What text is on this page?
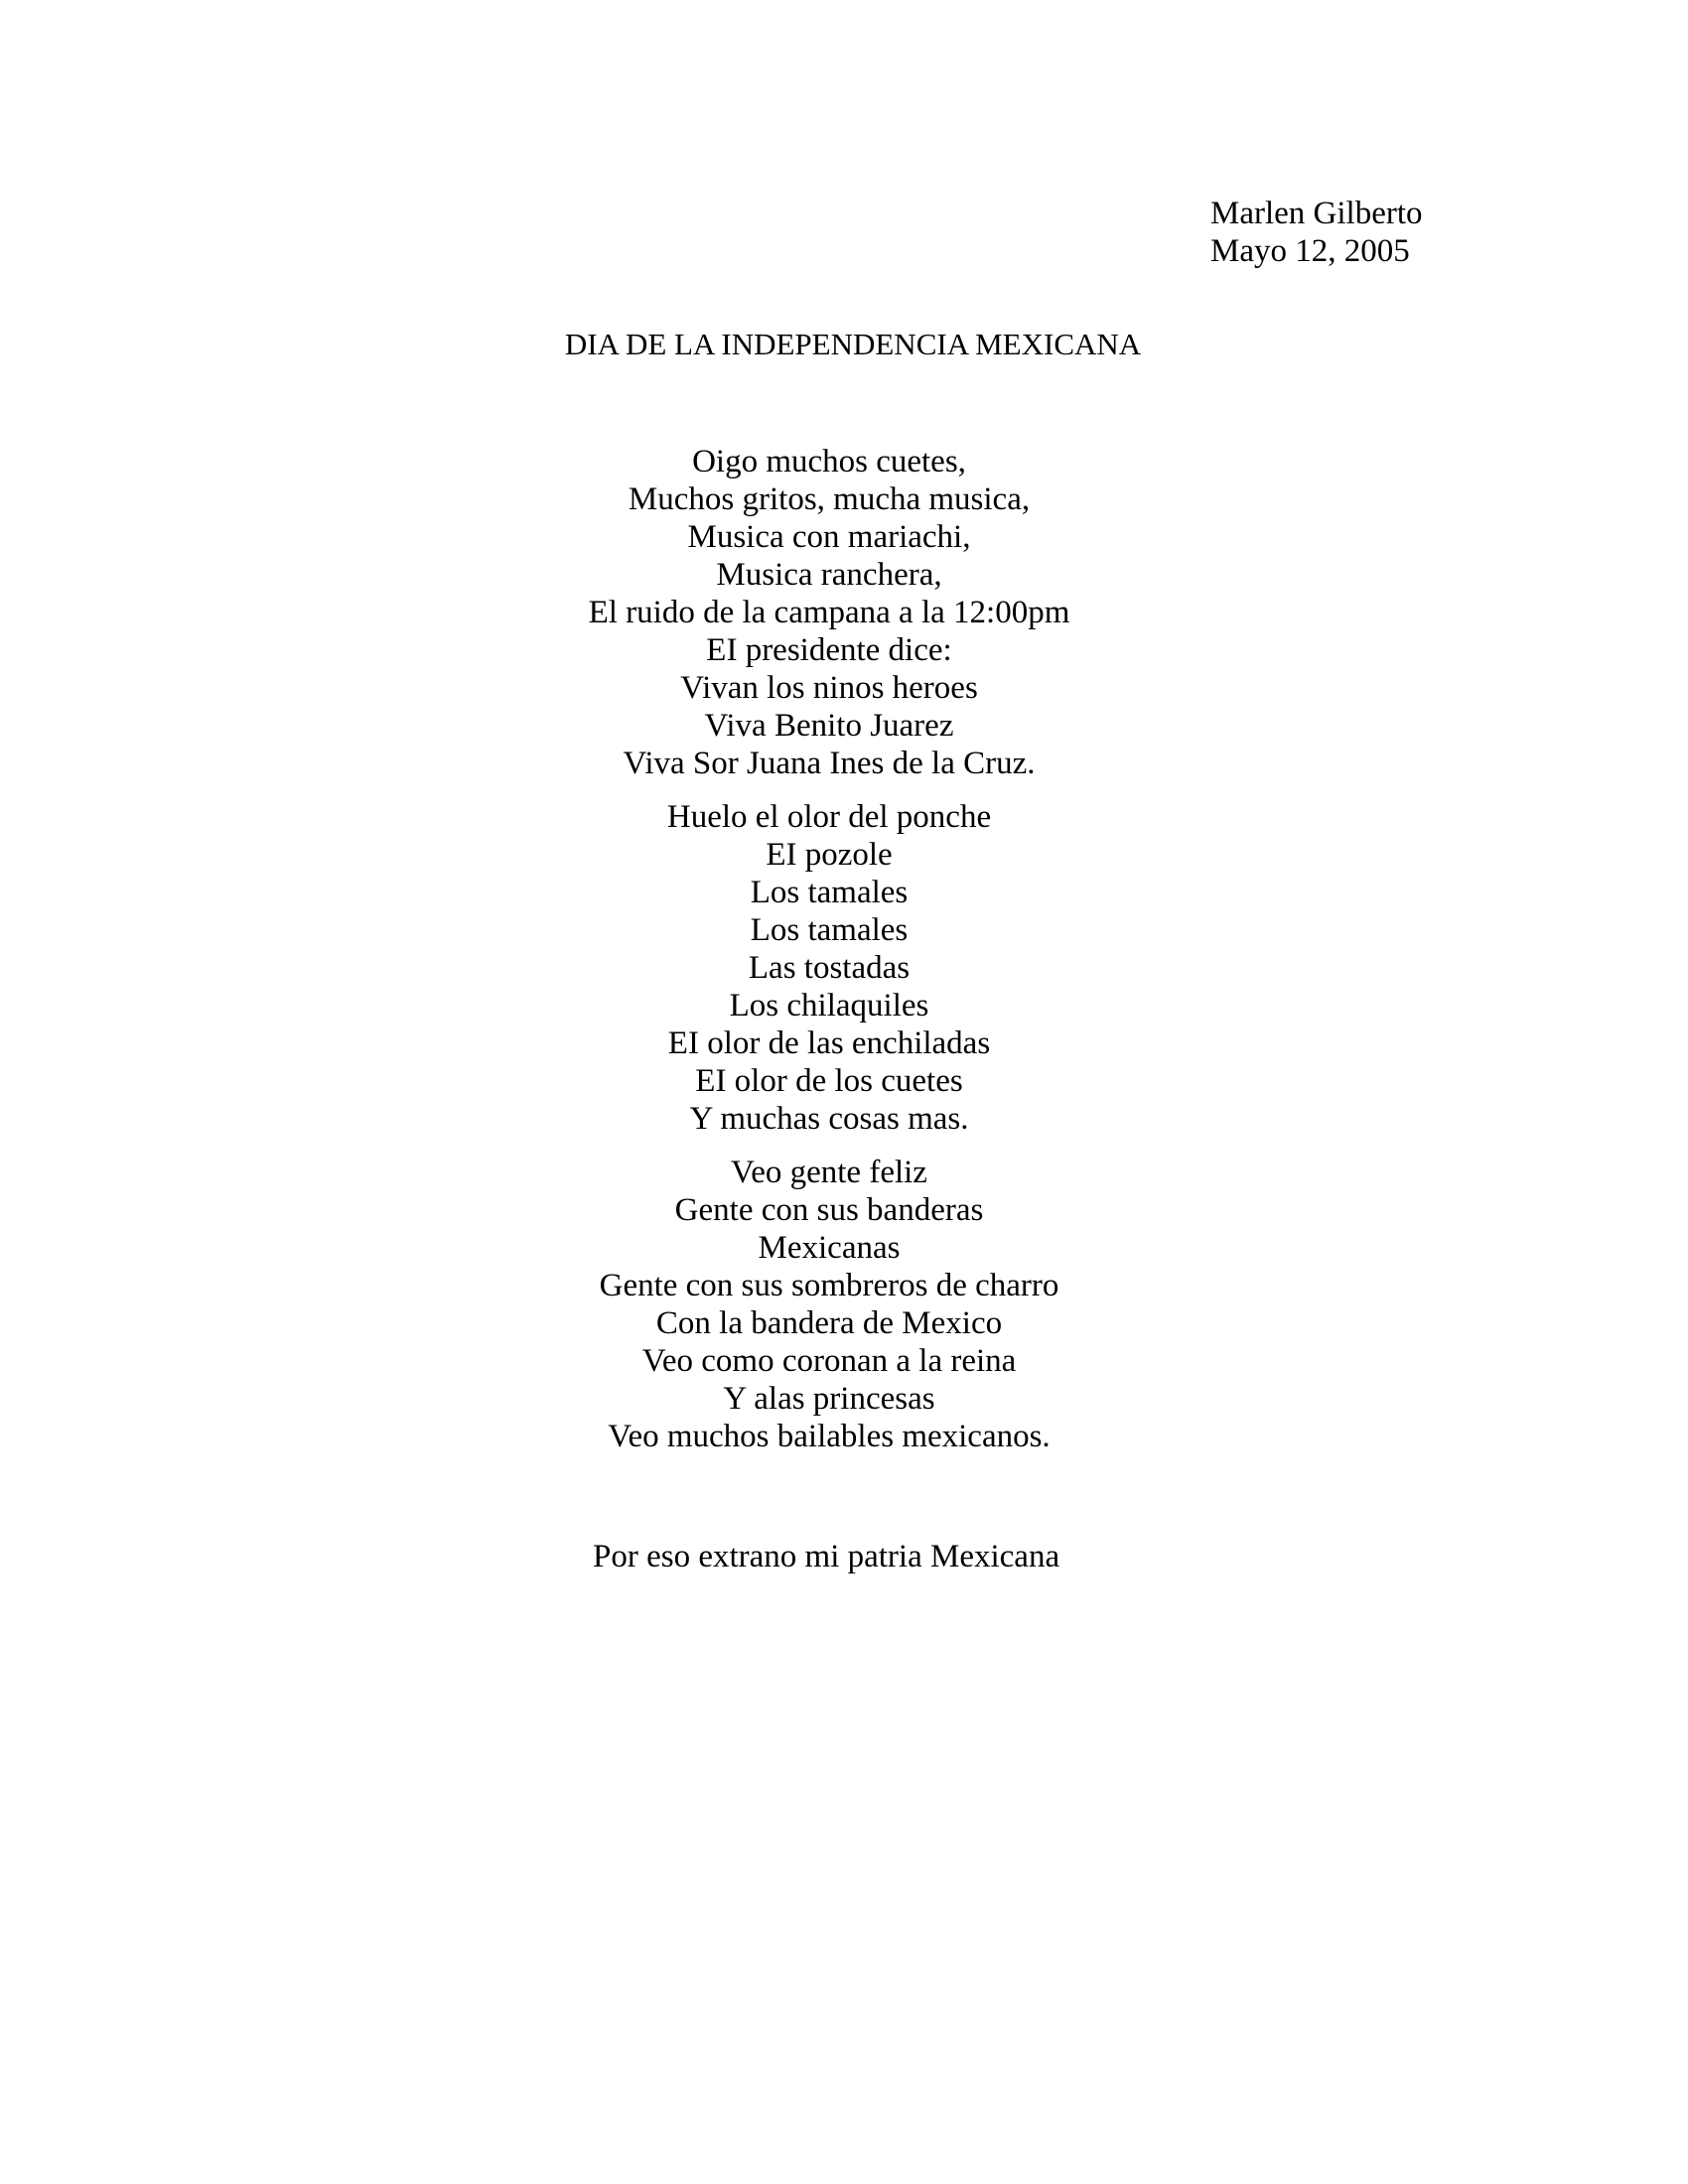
Marlen Gilberto
Mayo 12, 2005
DIA DE LA INDEPENDENCIA MEXICANA
Oigo muchos cuetes,
Muchos gritos, mucha musica,
Musica con mariachi,
Musica ranchera,
El ruido de la campana a la 12:00pm
EI presidente dice:
Vivan los ninos heroes
Viva Benito Juarez
Viva Sor Juana Ines de la Cruz.
Huelo el olor del ponche
EI pozole
Los tamales
Los tamales
Las tostadas
Los chilaquiles
EI olor de las enchiladas
EI olor de los cuetes
Y muchas cosas mas.
Veo gente feliz
Gente con sus banderas
Mexicanas
Gente con sus sombreros de charro
Con la bandera de Mexico
Veo como coronan a la reina
Y alas princesas
Veo muchos bailables mexicanos.
Por eso extrano mi patria Mexicana
